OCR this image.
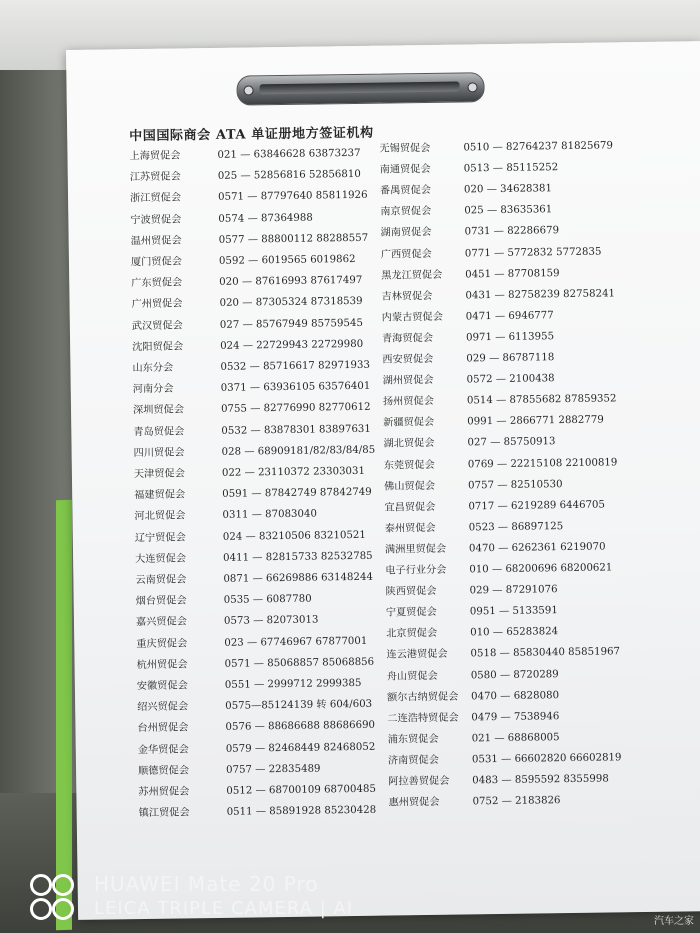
中国国际商会 ATA 单证册地方签证机构
上海贸促会	021 — 63846628 63873237
江苏贸促会	025 — 52856816 52856810
浙江贸促会	0571 — 87797640 85811926
宁波贸促会	0574 — 87364988
温州贸促会	0577 — 88800112 88288557
厦门贸促会	0592 — 6019565 6019862
广东贸促会	020 — 87616993 87617497
广州贸促会	020 — 87305324 87318539
武汉贸促会	027 — 85767949 85759545
沈阳贸促会	024 — 22729943 22729980
山东分会	0532 — 85716617 82971933
河南分会	0371 — 63936105 63576401
深圳贸促会	0755 — 82776990 82770612
青岛贸促会	0532 — 83878301 83897631
四川贸促会	028 — 68909181/82/83/84/85
天津贸促会	022 — 23110372 23303031
福建贸促会	0591 — 87842749 87842749
河北贸促会	0311 — 87083040
辽宁贸促会	024 — 83210506 83210521
大连贸促会	0411 — 82815733 82532785
云南贸促会	0871 — 66269886 63148244
烟台贸促会	0535 — 6087780
嘉兴贸促会	0573 — 82073013
重庆贸促会	023 — 67746967 67877001
杭州贸促会	0571 — 85068857 85068856
安徽贸促会	0551 — 2999712 2999385
绍兴贸促会	0575—85124139 转 604/603
台州贸促会	0576 — 88686688 88686690
金华贸促会	0579 — 82468449 82468052
顺德贸促会	0757 — 22835489
苏州贸促会	0512 — 68700109 68700485
镇江贸促会	0511 — 85891928 85230428
无锡贸促会	0510 — 82764237 81825679
南通贸促会	0513 — 85115252
番禺贸促会	020 — 34628381
南京贸促会	025 — 83635361
湖南贸促会	0731 — 82286679
广西贸促会	0771 — 5772832 5772835
黑龙江贸促会 0451 — 87708159
吉林贸促会	0431 — 82758239 82758241
内蒙古贸促会 0471 — 6946777
青海贸促会	0971 — 6113955
西安贸促会	029 — 86787118
湖州贸促会	0572 — 2100438
扬州贸促会	0514 — 87855682 87859352
新疆贸促会	0991 — 2866771 2882779
湖北贸促会	027 — 85750913
东莞贸促会	0769 — 22215108 22100819
佛山贸促会	0757 — 82510530
宜昌贸促会	0717 — 6219289 6446705
泰州贸促会	0523 — 86897125
满洲里贸促会 0470 — 6262361 6219070
电子行业分会 010 — 68200696 68200621
陕西贸促会	029 — 87291076
宁夏贸促会	0951 — 5133591
北京贸促会	010 — 65283824
连云港贸促会 0518 — 85830440 85851967
舟山贸促会	0580 — 8720289
额尔古纳贸促会 0470 — 6828080
二连浩特贸促会 0479 — 7538946
浦东贸促会	021 — 68868005
济南贸促会	0531 — 66602820 66602819
阿拉善贸促会 0483 — 8595592 8355998
惠州贸促会	0752 — 2183826
HUAWEI Mate 20 Pro
LEICA TRIPLE CAMERA | AI
汽车之家
